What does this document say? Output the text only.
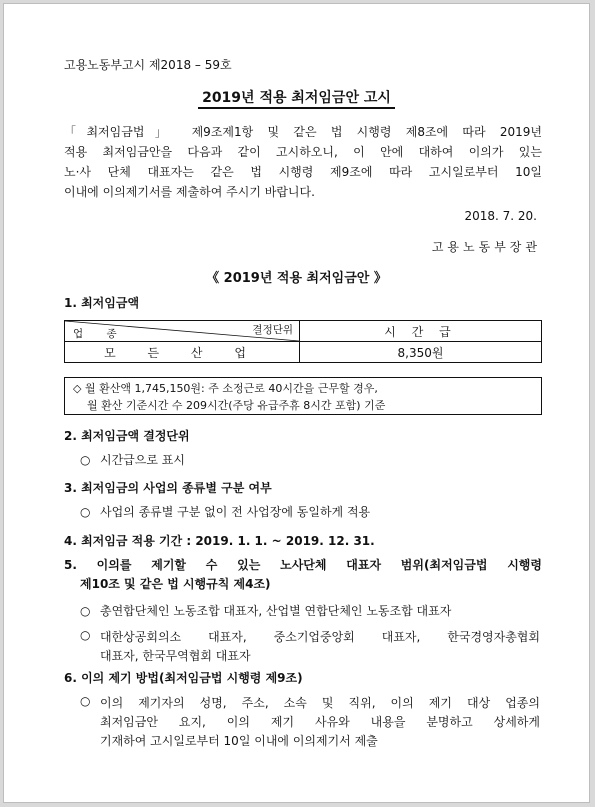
고용노동부고시 제2018 – 59호
2019년 적용 최저임금안 고시
「최저임금법」 제9조제1항 및 같은 법 시행령 제8조에 따라 2019년
적용 최저임금안을 다음과 같이 고시하오니, 이 안에 대하여 이의가 있는
노·사 단체 대표자는 같은 법 시행령 제9조에 따라 고시일로부터 10일
이내에 이의제기서를 제출하여 주시기 바랍니다.
2018. 7. 20.
고용노동부장관
《 2019년 적용 최저임금안 》
1. 최저임금액
결정단위
업 종	시 간 급
모 든 산 업	8,350원
◇ 월 환산액 1,745,150원: 주 소정근로 40시간을 근무할 경우,
월 환산 기준시간 수 209시간(주당 유급주휴 8시간 포함) 기준
2. 최저임금액 결정단위
○ 시간급으로 표시
3. 최저임금의 사업의 종류별 구분 여부
○ 사업의 종류별 구분 없이 전 사업장에 동일하게 적용
4. 최저임금 적용 기간 : 2019. 1. 1. ~ 2019. 12. 31.
5. 이의를 제기할 수 있는 노사단체 대표자 범위(최저임금법 시행령
제10조 및 같은 법 시행규칙 제4조)
○ 총연합단체인 노동조합 대표자, 산업별 연합단체인 노동조합 대표자
○ 대한상공회의소 대표자, 중소기업중앙회 대표자, 한국경영자총협회
대표자, 한국무역협회 대표자
6. 이의 제기 방법(최저임금법 시행령 제9조)
○ 이의 제기자의 성명, 주소, 소속 및 직위, 이의 제기 대상 업종의
최저임금안 요지, 이의 제기 사유와 내용을 분명하고 상세하게
기재하여 고시일로부터 10일 이내에 이의제기서 제출
